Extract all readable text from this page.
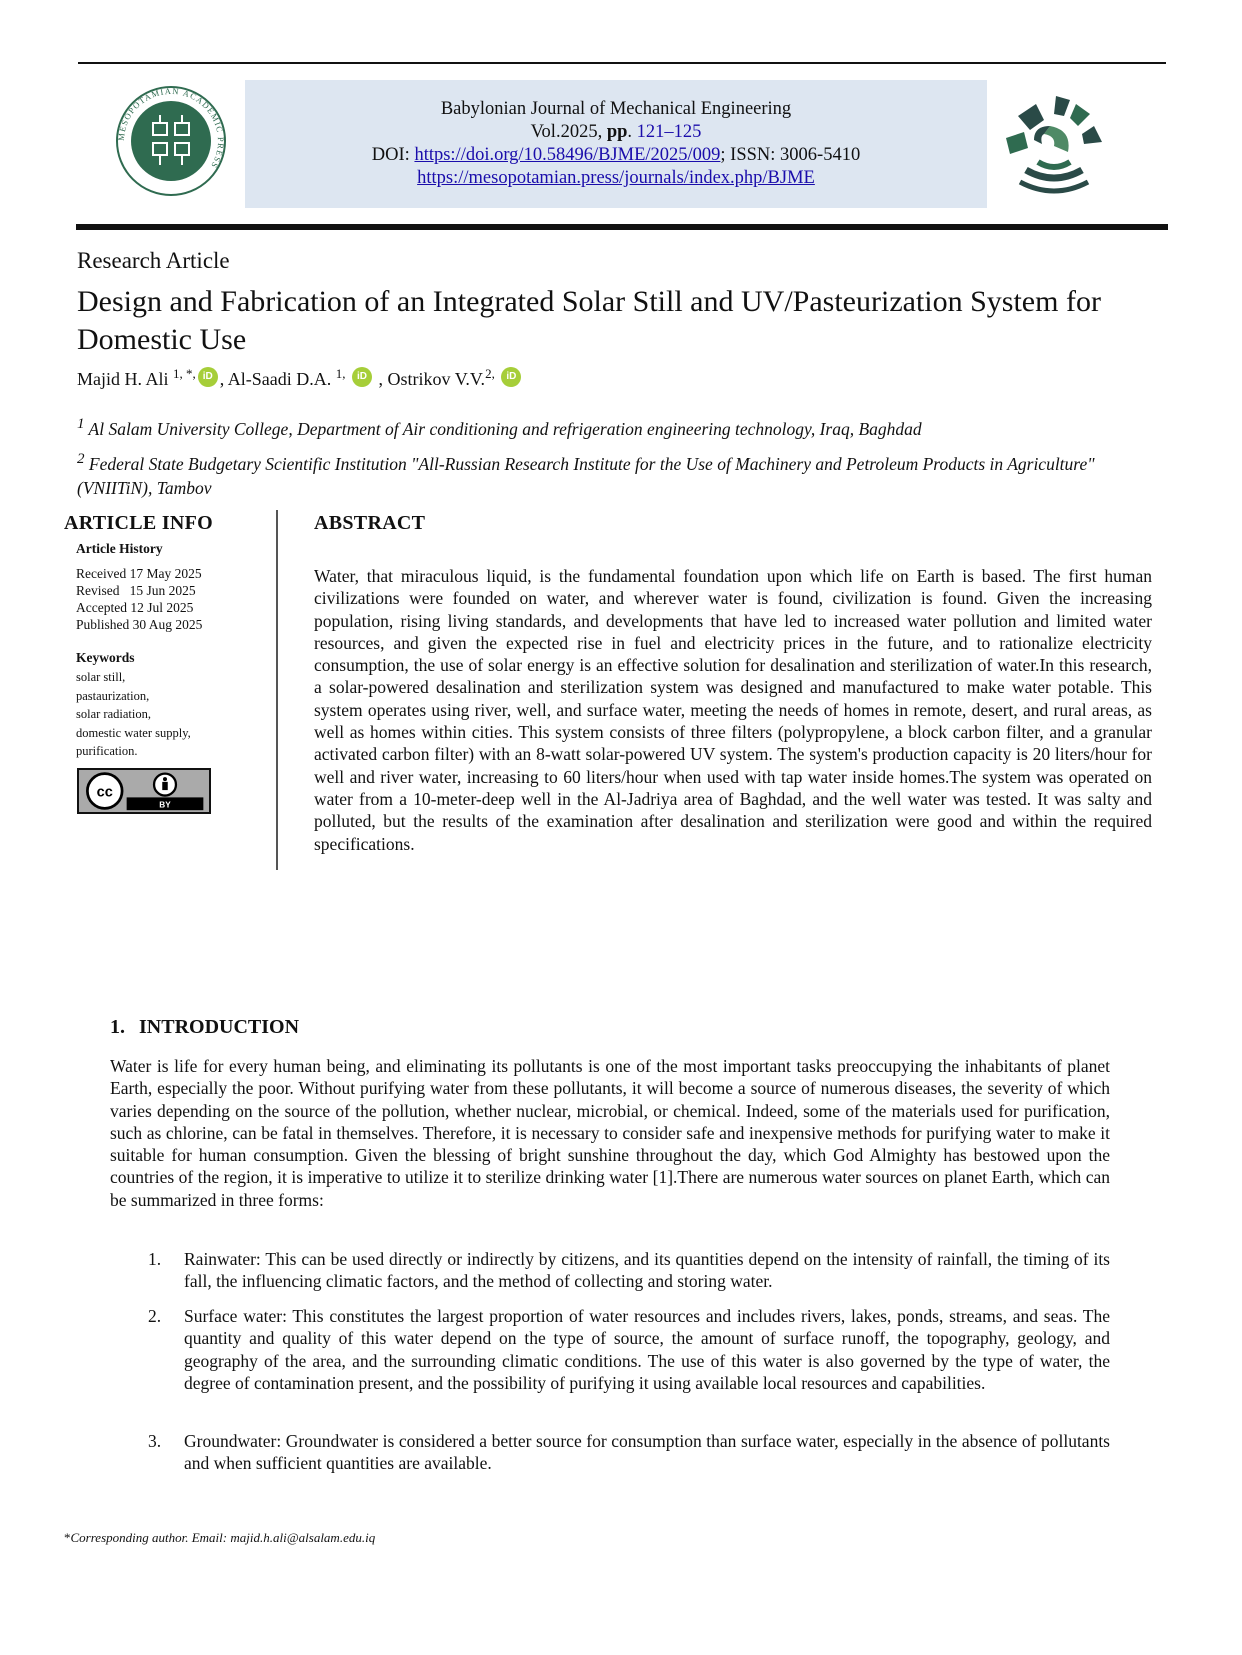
MESOPOTAMIAN ACADEMIC PRESS
Babylonian Journal of Mechanical Engineering
Vol.2025, pp. 121–125
DOI: https://doi.org/10.58496/BJME/2025/009; ISSN: 3006-5410
https://mesopotamian.press/journals/index.php/BJME
Research Article
Design and Fabrication of an Integrated Solar Still and UV/Pasteurization System for Domestic Use
Majid H. Ali $^{1, *,}$ iD , Al-Saadi D.A. $^{1,}$ iD , Ostrikov V.V.$^{2,}$ iD
$^1$ Al Salam University College, Department of Air conditioning and refrigeration engineering technology, Iraq, Baghdad
$^2$ Federal State Budgetary Scientific Institution "All-Russian Research Institute for the Use of Machinery and Petroleum Products in Agriculture" (VNIITiN), Tambov
ARTICLE INFO
Article History
Received 17 May 2025
Revised   15 Jun 2025
Accepted 12 Jul 2025
Published 30 Aug 2025
Keywords
solar still,
pastaurization,
solar radiation,
domestic water supply,
purification.
cc
BY
ABSTRACT
Water, that miraculous liquid, is the fundamental foundation upon which life on Earth is based. The first human civilizations were founded on water, and wherever water is found, civilization is found. Given the increasing population, rising living standards, and developments that have led to increased water pollution and limited water resources, and given the expected rise in fuel and electricity prices in the future, and to rationalize electricity consumption, the use of solar energy is an effective solution for desalination and sterilization of water.In this research, a solar-powered desalination and sterilization system was designed and manufactured to make water potable. This system operates using river, well, and surface water, meeting the needs of homes in remote, desert, and rural areas, as well as homes within cities. This system consists of three filters (polypropylene, a block carbon filter, and a granular activated carbon filter) with an 8-watt solar-powered UV system. The system's production capacity is 20 liters/hour for well and river water, increasing to 60 liters/hour when used with tap water inside homes.The system was operated on water from a 10-meter-deep well in the Al-Jadriya area of Baghdad, and the well water was tested. It was salty and polluted, but the results of the examination after desalination and sterilization were good and within the required specifications.
1. INTRODUCTION
Water is life for every human being, and eliminating its pollutants is one of the most important tasks preoccupying the inhabitants of planet Earth, especially the poor. Without purifying water from these pollutants, it will become a source of numerous diseases, the severity of which varies depending on the source of the pollution, whether nuclear, microbial, or chemical. Indeed, some of the materials used for purification, such as chlorine, can be fatal in themselves. Therefore, it is necessary to consider safe and inexpensive methods for purifying water to make it suitable for human consumption. Given the blessing of bright sunshine throughout the day, which God Almighty has bestowed upon the countries of the region, it is imperative to utilize it to sterilize drinking water [1].There are numerous water sources on planet Earth, which can be summarized in three forms:
1. Rainwater: This can be used directly or indirectly by citizens, and its quantities depend on the intensity of rainfall, the timing of its fall, the influencing climatic factors, and the method of collecting and storing water.
2. Surface water: This constitutes the largest proportion of water resources and includes rivers, lakes, ponds, streams, and seas. The quantity and quality of this water depend on the type of source, the amount of surface runoff, the topography, geology, and geography of the area, and the surrounding climatic conditions. The use of this water is also governed by the type of water, the degree of contamination present, and the possibility of purifying it using available local resources and capabilities.
3. Groundwater: Groundwater is considered a better source for consumption than surface water, especially in the absence of pollutants and when sufficient quantities are available.
*Corresponding author. Email: majid.h.ali@alsalam.edu.iq
